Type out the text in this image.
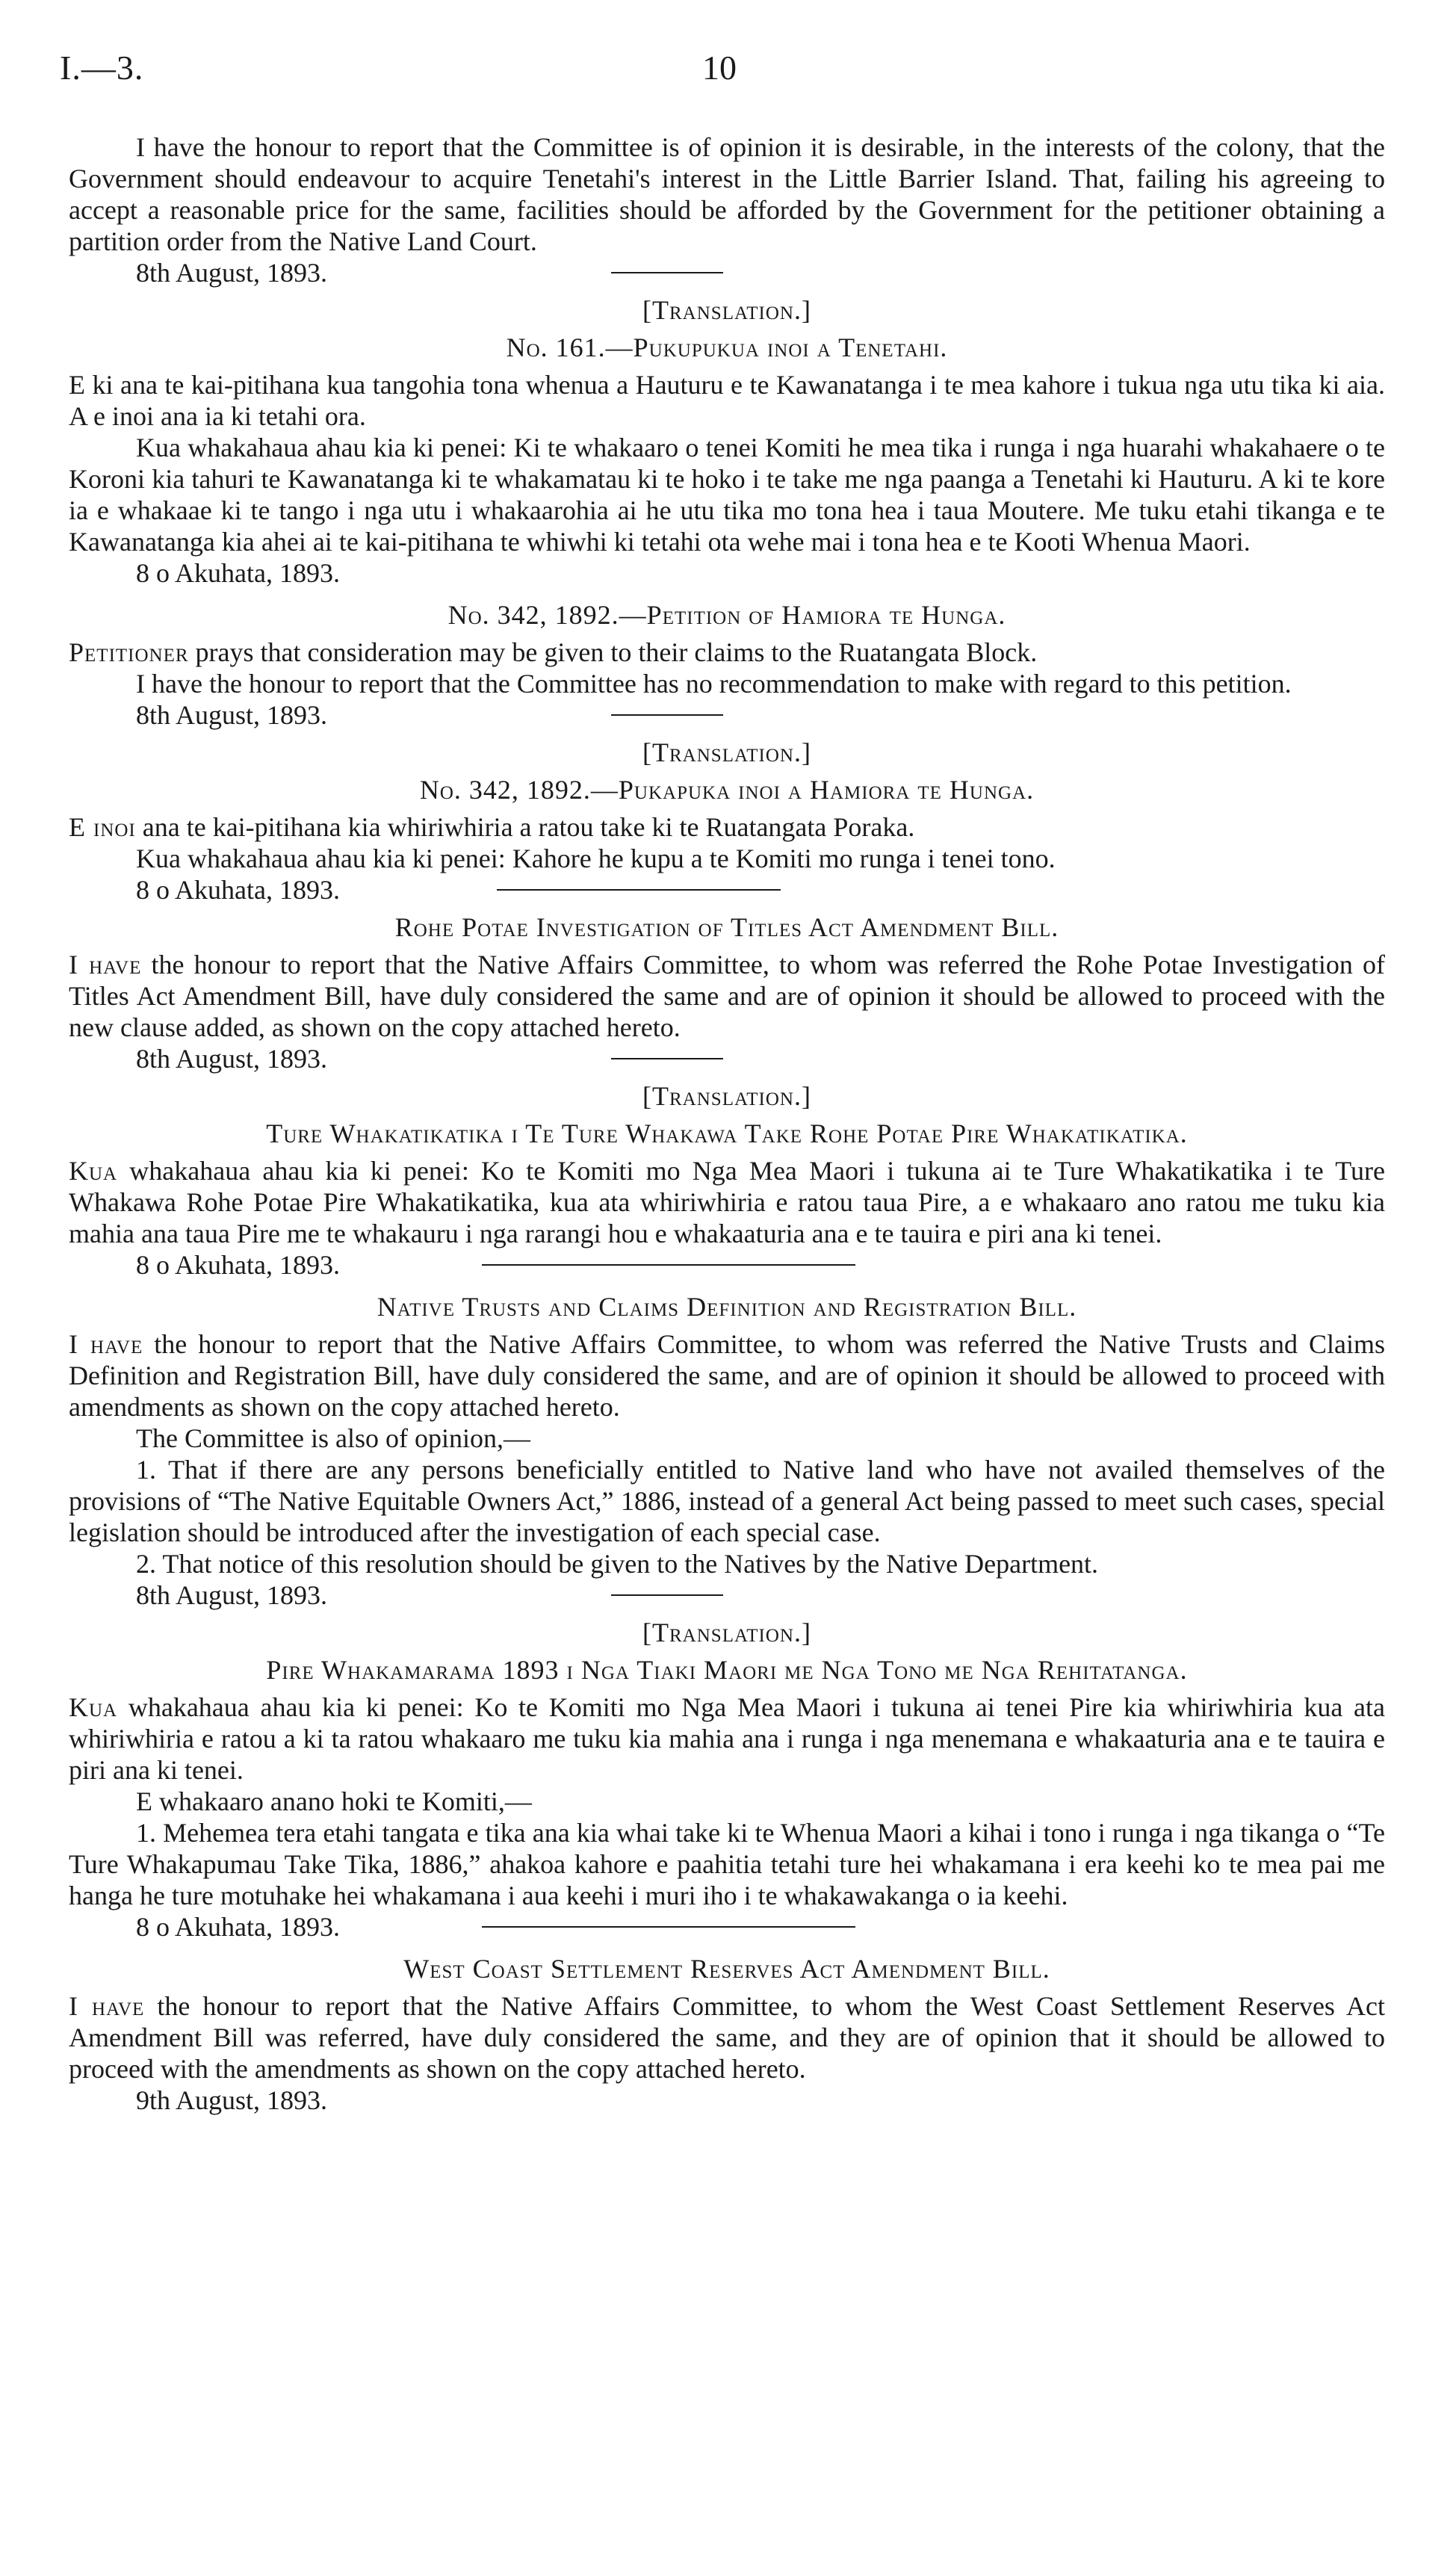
I.—3.	10

I have the honour to report that the Committee is of opinion it is desirable, in the interests of the colony, that the Government should endeavour to acquire Tenetahi's interest in the Little Barrier Island. That, failing his agreeing to accept a reasonable price for the same, facilities should be afforded by the Government for the petitioner obtaining a partition order from the Native Land Court.

8th August, 1893.

[Translation.]

No. 161.—Pukupukua inoi a Tenetahi.

E ki ana te kai-pitihana kua tangohia tona whenua a Hauturu e te Kawanatanga i te mea kahore i tukua nga utu tika ki aia. A e inoi ana ia ki tetahi ora.

Kua whakahaua ahau kia ki penei: Ki te whakaaro o tenei Komiti he mea tika i runga i nga huarahi whakahaere o te Koroni kia tahuri te Kawanatanga ki te whakamatau ki te hoko i te take me nga paanga a Tenetahi ki Hauturu. A ki te kore ia e whakaae ki te tango i nga utu i whakaarohia ai he utu tika mo tona hea i taua Moutere. Me tuku etahi tikanga e te Kawanatanga kia ahei ai te kai-pitihana te whiwhi ki tetahi ota wehe mai i tona hea e te Kooti Whenua Maori.

8 o Akuhata, 1893.

No. 342, 1892.—Petition of Hamiora te Hunga.

Petitioner prays that consideration may be given to their claims to the Ruatangata Block.

I have the honour to report that the Committee has no recommendation to make with regard to this petition.

8th August, 1893.

[Translation.]

No. 342, 1892.—Pukapuka inoi a Hamiora te Hunga.

E inoi ana te kai-pitihana kia whiriwhiria a ratou take ki te Ruatangata Poraka.

Kua whakahaua ahau kia ki penei: Kahore he kupu a te Komiti mo runga i tenei tono.

8 o Akuhata, 1893.

Rohe Potae Investigation of Titles Act Amendment Bill.

I have the honour to report that the Native Affairs Committee, to whom was referred the Rohe Potae Investigation of Titles Act Amendment Bill, have duly considered the same and are of opinion it should be allowed to proceed with the new clause added, as shown on the copy attached hereto.

8th August, 1893.

[Translation.]

Ture Whakatikatika i Te Ture Whakawa Take Rohe Potae Pire Whakatikatika.

Kua whakahaua ahau kia ki penei: Ko te Komiti mo Nga Mea Maori i tukuna ai te Ture Whakatikatika i te Ture Whakawa Rohe Potae Pire Whakatikatika, kua ata whiriwhiria e ratou taua Pire, a e whakaaro ano ratou me tuku kia mahia ana taua Pire me te whakauru i nga rarangi hou e whakaaturia ana e te tauira e piri ana ki tenei.

8 o Akuhata, 1893.

Native Trusts and Claims Definition and Registration Bill.

I have the honour to report that the Native Affairs Committee, to whom was referred the Native Trusts and Claims Definition and Registration Bill, have duly considered the same, and are of opinion it should be allowed to proceed with amendments as shown on the copy attached hereto.

The Committee is also of opinion,—

1. That if there are any persons beneficially entitled to Native land who have not availed themselves of the provisions of “The Native Equitable Owners Act,” 1886, instead of a general Act being passed to meet such cases, special legislation should be introduced after the investigation of each special case.

2. That notice of this resolution should be given to the Natives by the Native Department.

8th August, 1893.

[Translation.]

Pire Whakamarama 1893 i Nga Tiaki Maori me Nga Tono me Nga Rehitatanga.

Kua whakahaua ahau kia ki penei: Ko te Komiti mo Nga Mea Maori i tukuna ai tenei Pire kia whiriwhiria kua ata whiriwhiria e ratou a ki ta ratou whakaaro me tuku kia mahia ana i runga i nga menemana e whakaaturia ana e te tauira e piri ana ki tenei.

E whakaaro anano hoki te Komiti,—

1. Mehemea tera etahi tangata e tika ana kia whai take ki te Whenua Maori a kihai i tono i runga i nga tikanga o “Te Ture Whakapumau Take Tika, 1886,” ahakoa kahore e paahitia tetahi ture hei whakamana i era keehi ko te mea pai me hanga he ture motuhake hei whakamana i aua keehi i muri iho i te whakawakanga o ia keehi.

8 o Akuhata, 1893.

West Coast Settlement Reserves Act Amendment Bill.

I have the honour to report that the Native Affairs Committee, to whom the West Coast Settlement Reserves Act Amendment Bill was referred, have duly considered the same, and they are of opinion that it should be allowed to proceed with the amendments as shown on the copy attached hereto.

9th August, 1893.
